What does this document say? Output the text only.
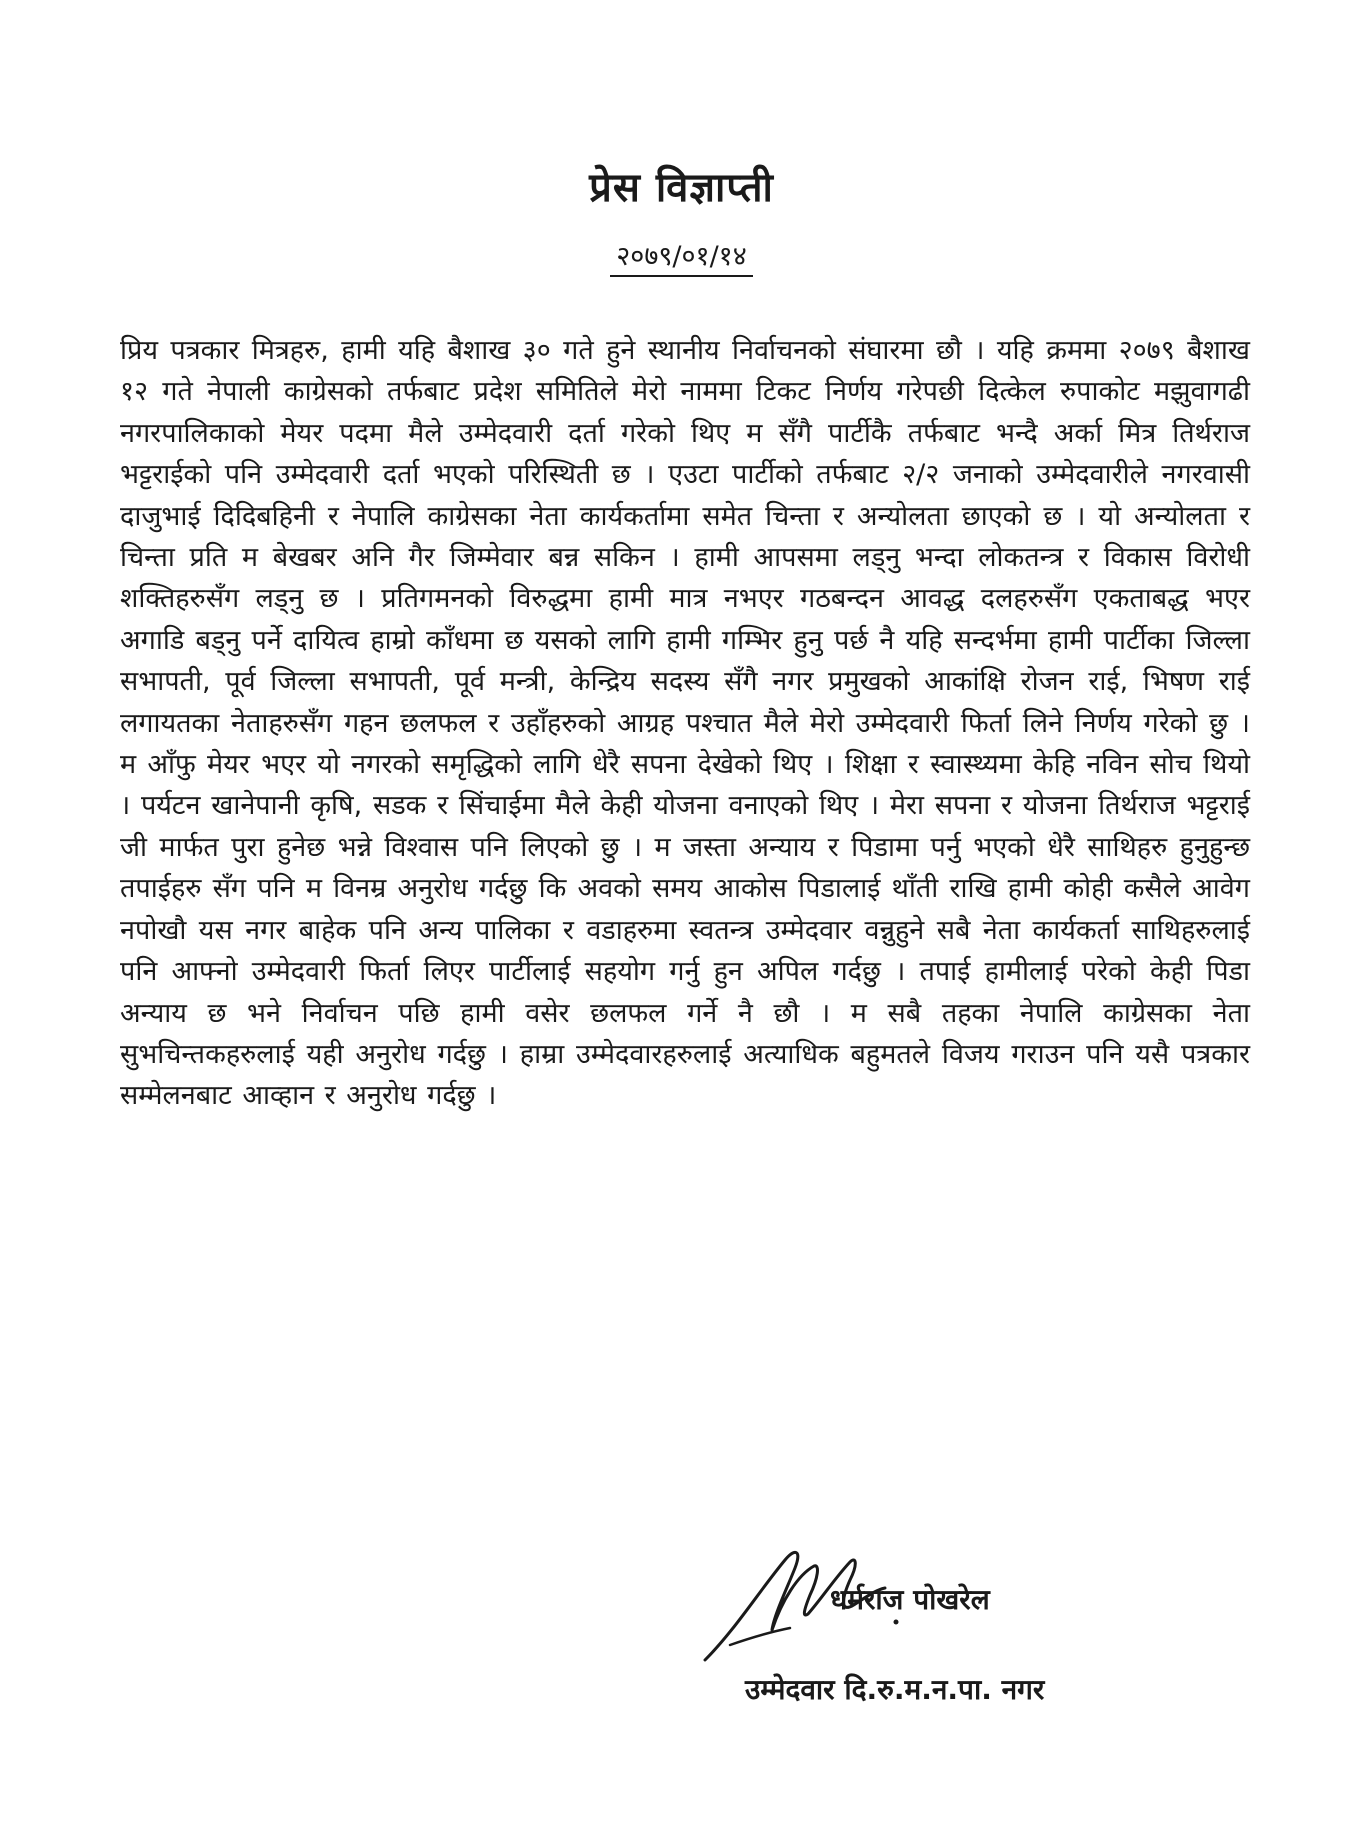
प्रेस विज्ञाप्ती
२०७९/०१/१४
प्रिय पत्रकार मित्रहरु, हामी यहि बैशाख ३० गते हुने स्थानीय निर्वाचनको संघारमा छौ । यहि क्रममा २०७९ बैशाख १२ गते नेपाली काग्रेसको तर्फबाट प्रदेश समितिले मेरो नाममा टिकट निर्णय गरेपछी दित्केल रुपाकोट मझुवागढी नगरपालिकाको मेयर पदमा मैले उम्मेदवारी दर्ता गरेको थिए म सँगै पार्टीकै तर्फबाट भन्दै अर्का मित्र तिर्थराज भट्टराईको पनि उम्मेदवारी दर्ता भएको परिस्थिती छ । एउटा पार्टीको तर्फबाट २/२ जनाको उम्मेदवारीले नगरवासी दाजुभाई दिदिबहिनी र नेपालि काग्रेसका नेता कार्यकर्तामा समेत चिन्ता र अन्योलता छाएको छ । यो अन्योलता र चिन्ता प्रति म बेखबर अनि गैर जिम्मेवार बन्न सकिन । हामी आपसमा लड्नु भन्दा लोकतन्त्र र विकास विरोधी शक्तिहरुसँग लड्नु छ । प्रतिगमनको विरुद्धमा हामी मात्र नभएर गठबन्दन आवद्ध दलहरुसँग एकताबद्ध भएर अगाडि बड्नु पर्ने दायित्व हाम्रो काँधमा छ यसको लागि हामी गम्भिर हुनु पर्छ नै यहि सन्दर्भमा हामी पार्टीका जिल्ला सभापती, पूर्व जिल्ला सभापती, पूर्व मन्त्री, केन्द्रिय सदस्य सँगै नगर प्रमुखको आकांक्षि रोजन राई, भिषण राई लगायतका नेताहरुसँग गहन छलफल र उहाँहरुको आग्रह पश्चात मैले मेरो उम्मेदवारी फिर्ता लिने निर्णय गरेको छु । म आँफु मेयर भएर यो नगरको समृद्धिको लागि धेरै सपना देखेको थिए । शिक्षा र स्वास्थ्यमा केहि नविन सोच थियो । पर्यटन खानेपानी कृषि, सडक र सिंचाईमा मैले केही योजना वनाएको थिए । मेरा सपना र योजना तिर्थराज भट्टराई जी मार्फत पुरा हुनेछ भन्ने विश्वास पनि लिएको छु । म जस्ता अन्याय र पिडामा पर्नु भएको धेरै साथिहरु हुनुहुन्छ तपाईहरु सँग पनि म विनम्र अनुरोध गर्दछु कि अवको समय आकोस पिडालाई थाँती राखि हामी कोही कसैले आवेग नपोखौ यस नगर बाहेक पनि अन्य पालिका र वडाहरुमा स्वतन्त्र उम्मेदवार वन्नुहुने सबै नेता कार्यकर्ता साथिहरुलाई पनि आफ्नो उम्मेदवारी फिर्ता लिएर पार्टीलाई सहयोग गर्नु हुन अपिल गर्दछु । तपाई हामीलाई परेको केही पिडा अन्याय छ भने निर्वाचन पछि हामी वसेर छलफल गर्ने नै छौ । म सबै तहका नेपालि काग्रेसका नेता सुभचिन्तकहरुलाई यही अनुरोध गर्दछु । हाम्रा उम्मेदवारहरुलाई अत्याधिक बहुमतले विजय गराउन पनि यसै पत्रकार सम्मेलनबाट आव्हान र अनुरोध गर्दछु ।
धर्मराज पोखरेल
उम्मेदवार दि.रु.म.न.पा. नगर
